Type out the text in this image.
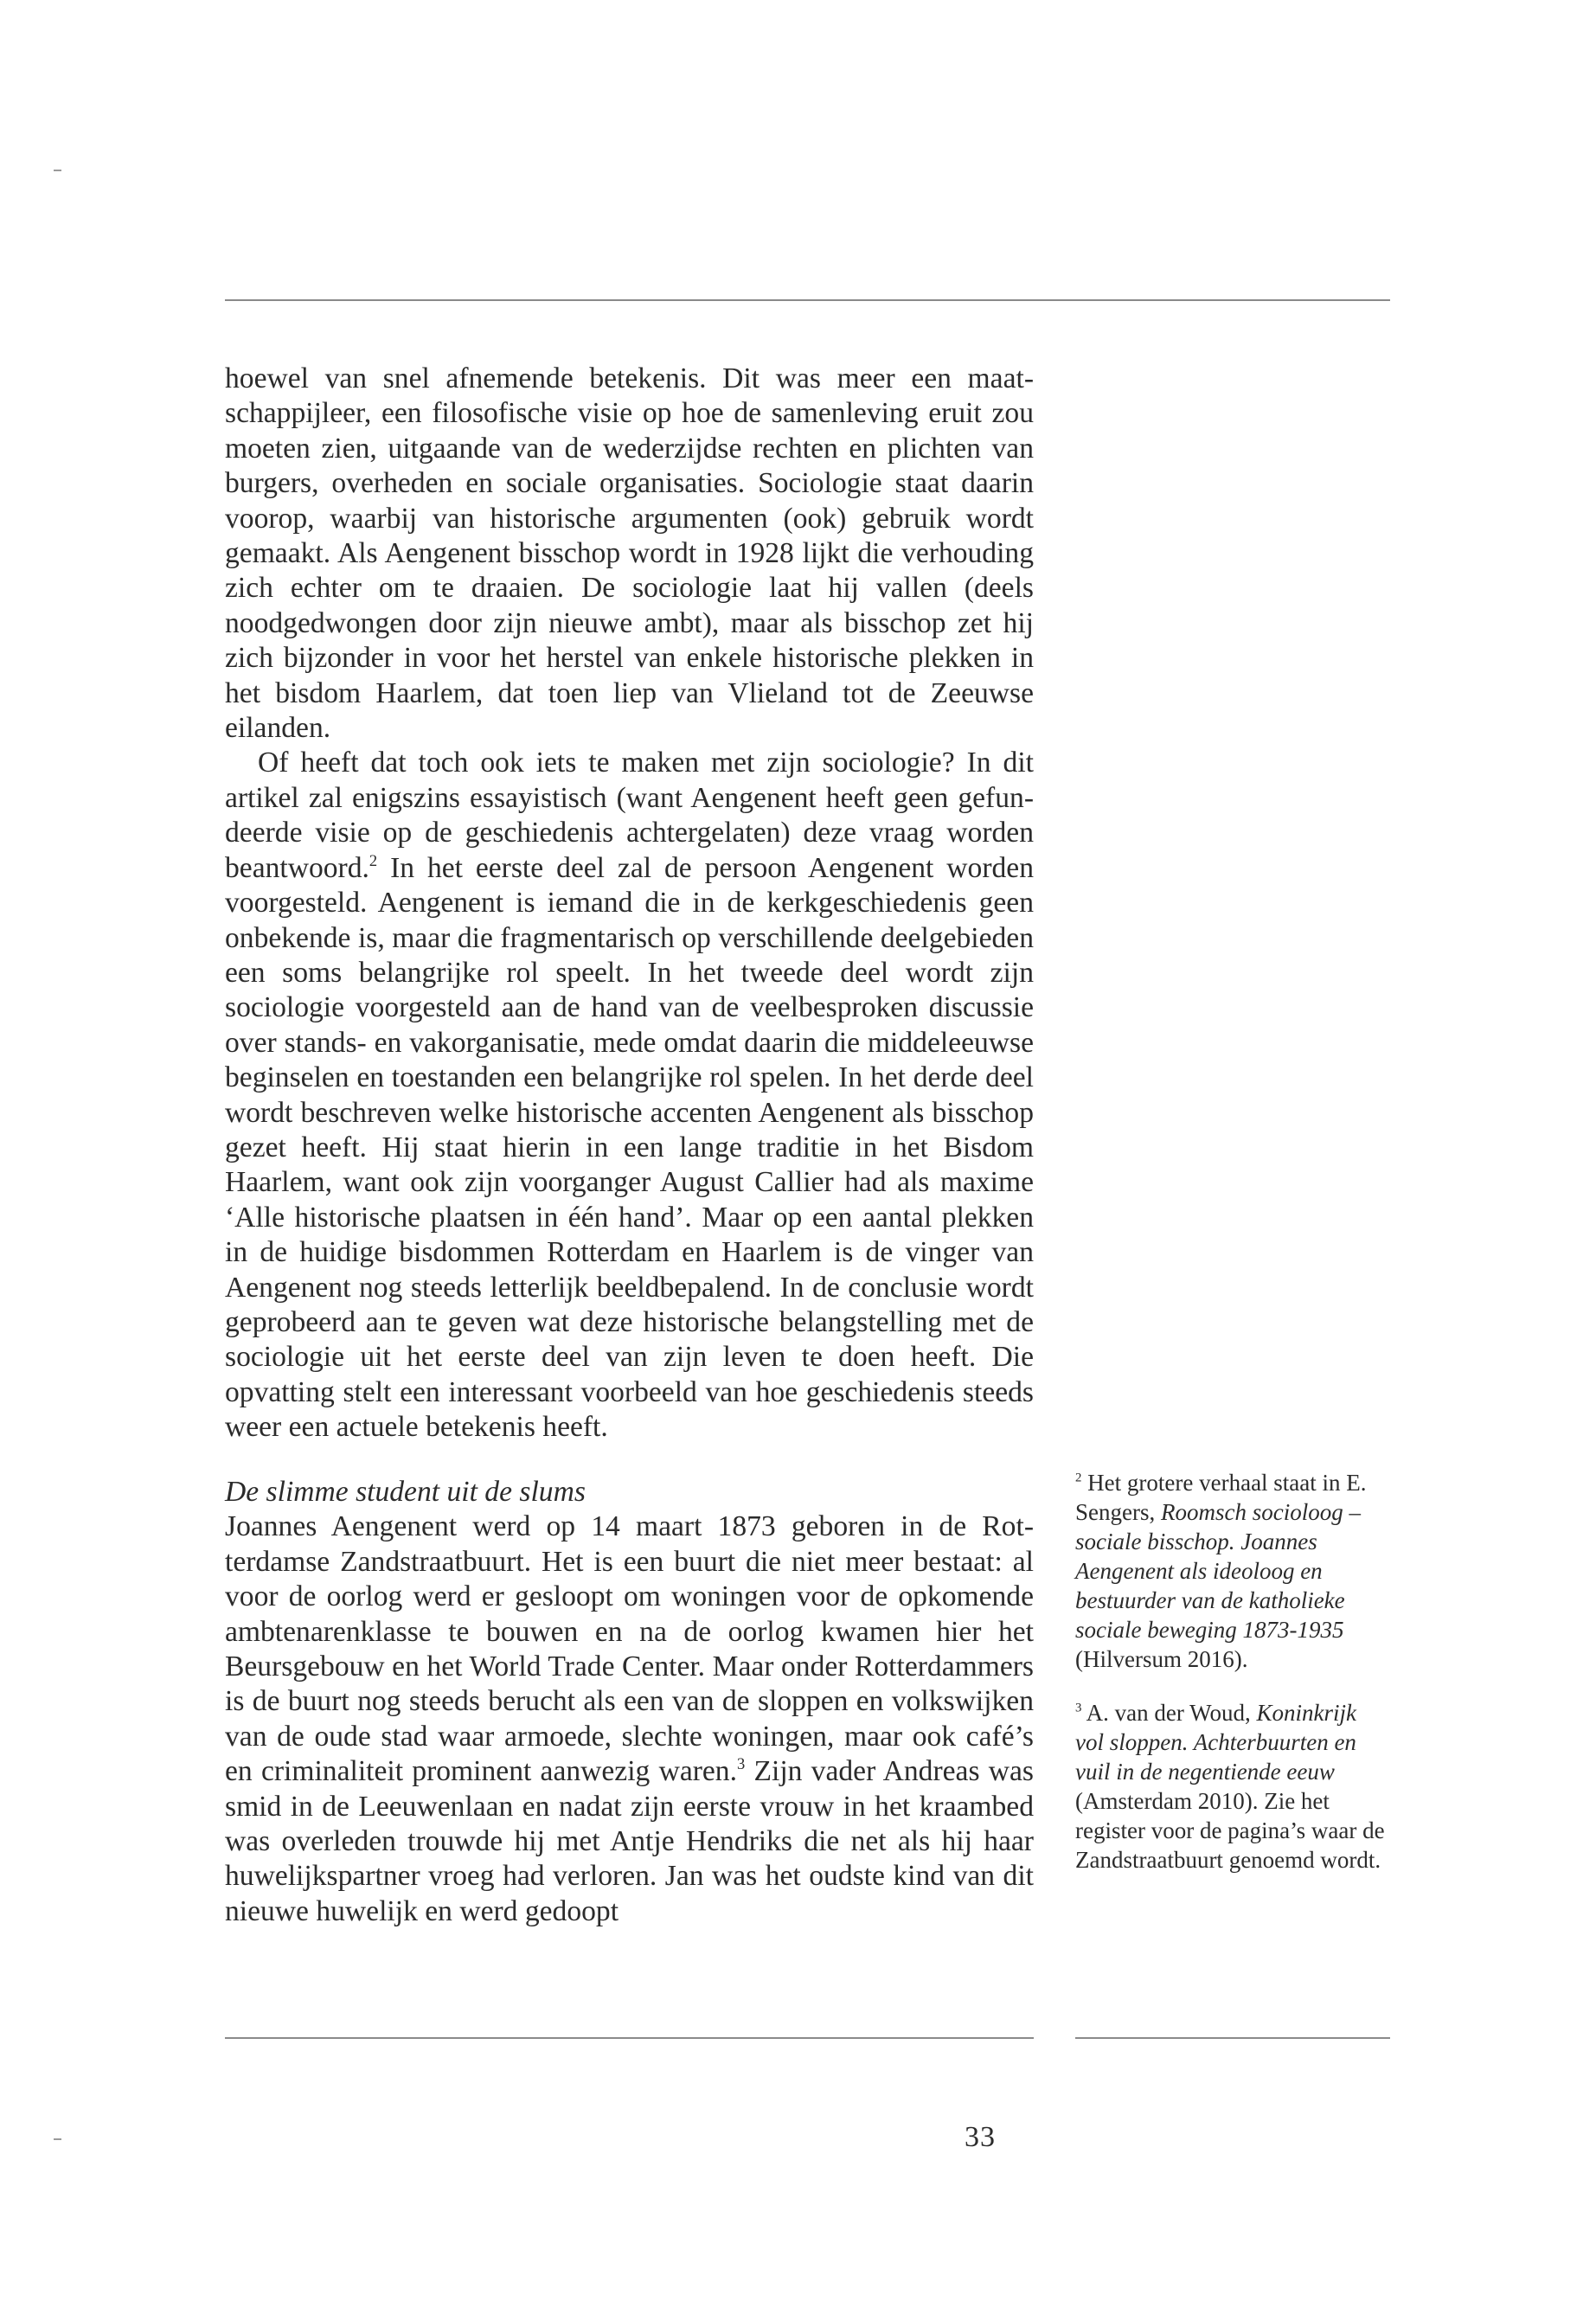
hoewel van snel afnemende betekenis. Dit was meer een maatschappijleer, een filosofische visie op hoe de samenleving eruit zou moeten zien, uitgaande van de wederzijdse rechten en plichten van burgers, overheden en sociale organisaties. Sociologie staat daarin voorop, waarbij van historische argumenten (ook) gebruik wordt gemaakt. Als Aengenent bisschop wordt in 1928 lijkt die verhouding zich echter om te draaien. De sociologie laat hij vallen (deels noodgedwongen door zijn nieuwe ambt), maar als bisschop zet hij zich bijzonder in voor het herstel van enkele historische plekken in het bisdom Haarlem, dat toen liep van Vlieland tot de Zeeuwse eilanden.

Of heeft dat toch ook iets te maken met zijn sociologie? In dit artikel zal enigszins essayistisch (want Aengenent heeft geen gefundeerde visie op de geschiedenis achtergelaten) deze vraag worden beantwoord.$^2$ In het eerste deel zal de persoon Aengenent worden voorgesteld. Aengenent is iemand die in de kerkgeschiedenis geen onbekende is, maar die fragmentarisch op verschillende deelgebieden een soms belangrijke rol speelt. In het tweede deel wordt zijn sociologie voorgesteld aan de hand van de veelbesproken discussie over stands- en vakorganisatie, mede omdat daarin die middeleeuwse beginselen en toestanden een belangrijke rol spelen. In het derde deel wordt beschreven welke historische accenten Aengenent als bisschop gezet heeft. Hij staat hierin in een lange traditie in het Bisdom Haarlem, want ook zijn voorganger August Callier had als maxime ‘Alle historische plaatsen in één hand’. Maar op een aantal plekken in de huidige bisdommen Rotterdam en Haarlem is de vinger van Aengenent nog steeds letterlijk beeldbepalend. In de conclusie wordt geprobeerd aan te geven wat deze historische belangstelling met de sociologie uit het eerste deel van zijn leven te doen heeft. Die opvatting stelt een interessant voorbeeld van hoe geschiedenis steeds weer een actuele betekenis heeft.

De slimme student uit de slums

Joannes Aengenent werd op 14 maart 1873 geboren in de Rotterdamse Zandstraatbuurt. Het is een buurt die niet meer bestaat: al voor de oorlog werd er gesloopt om woningen voor de opkomende ambtenarenklasse te bouwen en na de oorlog kwamen hier het Beursgebouw en het World Trade Center. Maar onder Rotterdammers is de buurt nog steeds berucht als een van de sloppen en volkswijken van de oude stad waar armoede, slechte woningen, maar ook café’s en criminaliteit prominent aanwezig waren.$^3$ Zijn vader Andreas was smid in de Leeuwenlaan en nadat zijn eerste vrouw in het kraambed was overleden trouwde hij met Antje Hendriks die net als hij haar huwelijkspartner vroeg had verloren. Jan was het oudste kind van dit nieuwe huwelijk en werd gedoopt

$^2$ Het grotere verhaal staat in E. Sengers, Roomsch socioloog – sociale bisschop. Joannes Aengenent als ideoloog en bestuurder van de katholieke sociale beweging 1873-1935 (Hilversum 2016).

$^3$ A. van der Woud, Koninkrijk vol sloppen. Achterbuurten en vuil in de negentiende eeuw (Amsterdam 2010). Zie het register voor de pagina’s waar de Zandstraatbuurt genoemd wordt.

33
